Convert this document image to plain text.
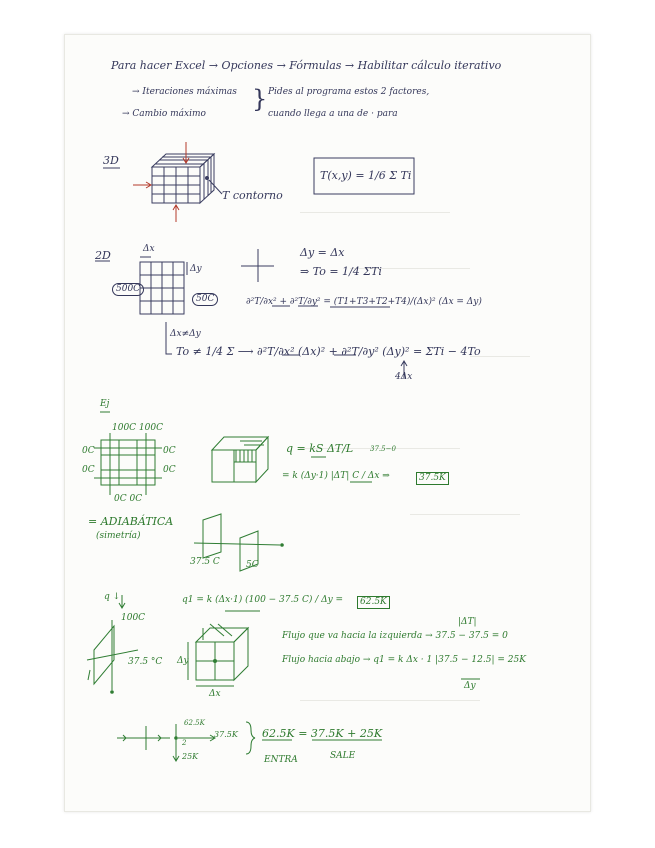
Para hacer Excel → Opciones → Fórmulas → Habilitar cálculo iterativo
→ Iteraciones máximas
→ Cambio máximo
} Pides al programa estos 2 factores,
cuando llega a una de · para
3D
T(x,y) = 1/6 Σ Ti
T contorno
2D	Δx
Δy
500C
50C
Δy = Δx
⇒ To = 1/4 ΣTi
∂²T/∂x² + ∂²T/∂y² = (T1+T3+T2+T4)/(Δx)² (Δx = Δy)
Δx≠Δy
To ≠ 1/4 Σ ⟶ ∂²T/∂x² (Δx)² + ∂²T/∂y² (Δy)² = ΣTi − 4To
4Δx
Ej
100C 100C
0C
0C
0C
0C
0C 0C
q = kS ΔT/L 37.5−0
= k (Δy·1) |ΔT| C / Δx ⇒	37.5K
= ADIABÁTICA
(simetría)
37.5 C	5C
q ↓	q1 = k (Δx·1) (100 − 37.5 C) / Δy =	62.5K
100C
37.5 °C
|ΔT|
Flujo que va hacia la izquierda → 37.5 − 37.5 = 0
Flujo hacia abajo → q1 = k Δx · 1 |37.5 − 12.5| = 25K
Δy
Δy
Δx
62.5K
37.5K
25K
2
62.5K = 37.5K + 25K
ENTRA	SALE
